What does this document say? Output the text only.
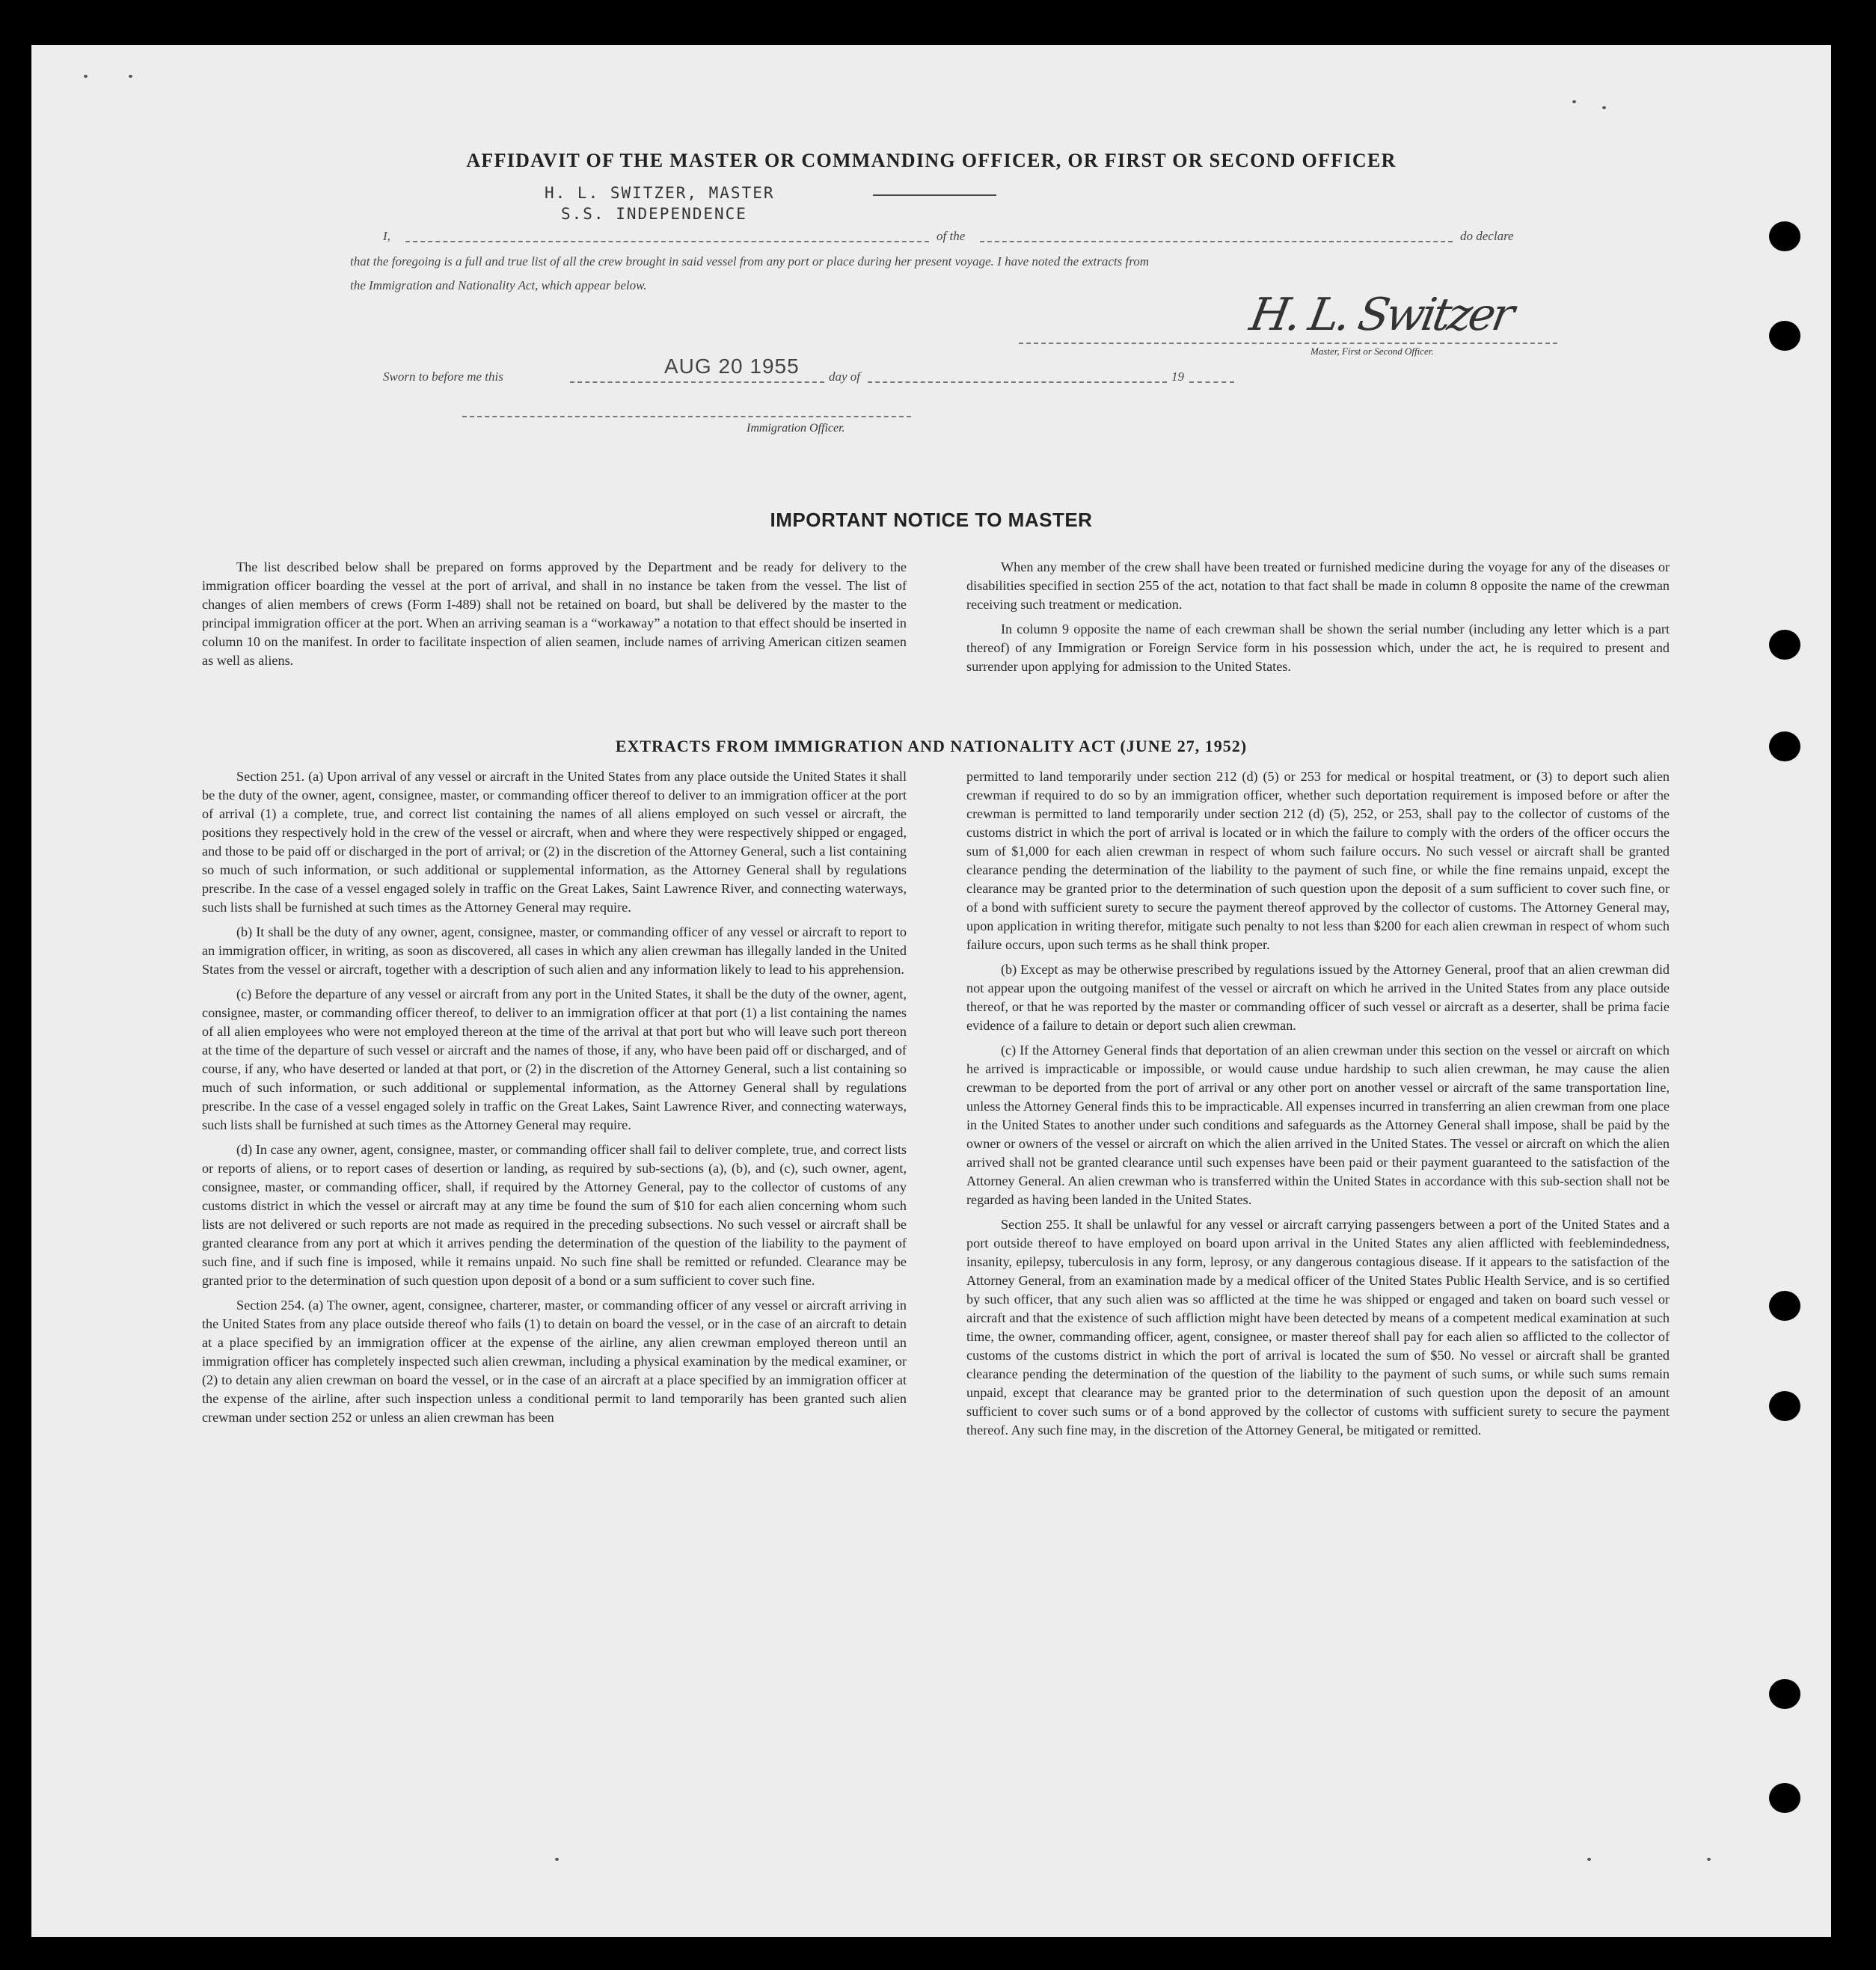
AFFIDAVIT OF THE MASTER OR COMMANDING OFFICER, OR FIRST OR SECOND OFFICER
H. L. SWITZER, MASTER
S.S. INDEPENDENCE
I,	of the	do declare
that the foregoing is a full and true list of all the crew brought in said vessel from any port or place during her present voyage. I have noted the extracts from
the Immigration and Nationality Act, which appear below.
H. L. Switzer
Master, First or Second Officer.
Sworn to before me this	AUG 20 1955 day of	19
Immigration Officer.
IMPORTANT NOTICE TO MASTER

The list described below shall be prepared on forms approved by the Department and be ready for delivery to the immigration officer boarding the vessel at the port of arrival, and shall in no instance be taken from the vessel. The list of changes of alien members of crews (Form I-489) shall not be retained on board, but shall be delivered by the master to the principal immigration officer at the port. When an arriving seaman is a “workaway” a notation to that effect should be inserted in column 10 on the manifest. In order to facilitate inspection of alien seamen, include names of arriving American citizen seamen as well as aliens.

When any member of the crew shall have been treated or furnished medicine during the voyage for any of the diseases or disabilities specified in section 255 of the act, notation to that fact shall be made in column 8 opposite the name of the crewman receiving such treatment or medication.

In column 9 opposite the name of each crewman shall be shown the serial number (including any letter which is a part thereof) of any Immigration or Foreign Service form in his possession which, under the act, he is required to present and surrender upon applying for admission to the United States.

EXTRACTS FROM IMMIGRATION AND NATIONALITY ACT (JUNE 27, 1952)

Section 251. (a) Upon arrival of any vessel or aircraft in the United States from any place outside the United States it shall be the duty of the owner, agent, consignee, master, or commanding officer thereof to deliver to an immigration officer at the port of arrival (1) a complete, true, and correct list containing the names of all aliens employed on such vessel or aircraft, the positions they respectively hold in the crew of the vessel or aircraft, when and where they were respectively shipped or engaged, and those to be paid off or discharged in the port of arrival; or (2) in the discretion of the Attorney General, such a list containing so much of such information, or such additional or supplemental information, as the Attorney General shall by regulations prescribe. In the case of a vessel engaged solely in traffic on the Great Lakes, Saint Lawrence River, and connecting waterways, such lists shall be furnished at such times as the Attorney General may require.

(b) It shall be the duty of any owner, agent, consignee, master, or commanding officer of any vessel or aircraft to report to an immigration officer, in writing, as soon as discovered, all cases in which any alien crewman has illegally landed in the United States from the vessel or aircraft, together with a description of such alien and any information likely to lead to his apprehension.

(c) Before the departure of any vessel or aircraft from any port in the United States, it shall be the duty of the owner, agent, consignee, master, or commanding officer thereof, to deliver to an immigration officer at that port (1) a list containing the names of all alien employees who were not employed thereon at the time of the arrival at that port but who will leave such port thereon at the time of the departure of such vessel or aircraft and the names of those, if any, who have been paid off or discharged, and of course, if any, who have deserted or landed at that port, or (2) in the discretion of the Attorney General, such a list containing so much of such information, or such additional or supplemental information, as the Attorney General shall by regulations prescribe. In the case of a vessel engaged solely in traffic on the Great Lakes, Saint Lawrence River, and connecting waterways, such lists shall be furnished at such times as the Attorney General may require.

(d) In case any owner, agent, consignee, master, or commanding officer shall fail to deliver complete, true, and correct lists or reports of aliens, or to report cases of desertion or landing, as required by sub-sections (a), (b), and (c), such owner, agent, consignee, master, or commanding officer, shall, if required by the Attorney General, pay to the collector of customs of any customs district in which the vessel or aircraft may at any time be found the sum of $10 for each alien concerning whom such lists are not delivered or such reports are not made as required in the preceding subsections. No such vessel or aircraft shall be granted clearance from any port at which it arrives pending the determination of the question of the liability to the payment of such fine, and if such fine is imposed, while it remains unpaid. No such fine shall be remitted or refunded. Clearance may be granted prior to the determination of such question upon deposit of a bond or a sum sufficient to cover such fine.

Section 254. (a) The owner, agent, consignee, charterer, master, or commanding officer of any vessel or aircraft arriving in the United States from any place outside thereof who fails (1) to detain on board the vessel, or in the case of an aircraft to detain at a place specified by an immigration officer at the expense of the airline, any alien crewman employed thereon until an immigration officer has completely inspected such alien crewman, including a physical examination by the medical examiner, or (2) to detain any alien crewman on board the vessel, or in the case of an aircraft at a place specified by an immigration officer at the expense of the airline, after such inspection unless a conditional permit to land temporarily has been granted such alien crewman under section 252 or unless an alien crewman has been

permitted to land temporarily under section 212 (d) (5) or 253 for medical or hospital treatment, or (3) to deport such alien crewman if required to do so by an immigration officer, whether such deportation requirement is imposed before or after the crewman is permitted to land temporarily under section 212 (d) (5), 252, or 253, shall pay to the collector of customs of the customs district in which the port of arrival is located or in which the failure to comply with the orders of the officer occurs the sum of $1,000 for each alien crewman in respect of whom such failure occurs. No such vessel or aircraft shall be granted clearance pending the determination of the liability to the payment of such fine, or while the fine remains unpaid, except the clearance may be granted prior to the determination of such question upon the deposit of a sum sufficient to cover such fine, or of a bond with sufficient surety to secure the payment thereof approved by the collector of customs. The Attorney General may, upon application in writing therefor, mitigate such penalty to not less than $200 for each alien crewman in respect of whom such failure occurs, upon such terms as he shall think proper.

(b) Except as may be otherwise prescribed by regulations issued by the Attorney General, proof that an alien crewman did not appear upon the outgoing manifest of the vessel or aircraft on which he arrived in the United States from any place outside thereof, or that he was reported by the master or commanding officer of such vessel or aircraft as a deserter, shall be prima facie evidence of a failure to detain or deport such alien crewman.

(c) If the Attorney General finds that deportation of an alien crewman under this section on the vessel or aircraft on which he arrived is impracticable or impossible, or would cause undue hardship to such alien crewman, he may cause the alien crewman to be deported from the port of arrival or any other port on another vessel or aircraft of the same transportation line, unless the Attorney General finds this to be impracticable. All expenses incurred in transferring an alien crewman from one place in the United States to another under such conditions and safeguards as the Attorney General shall impose, shall be paid by the owner or owners of the vessel or aircraft on which the alien arrived in the United States. The vessel or aircraft on which the alien arrived shall not be granted clearance until such expenses have been paid or their payment guaranteed to the satisfaction of the Attorney General. An alien crewman who is transferred within the United States in accordance with this sub-section shall not be regarded as having been landed in the United States.

Section 255. It shall be unlawful for any vessel or aircraft carrying passengers between a port of the United States and a port outside thereof to have employed on board upon arrival in the United States any alien afflicted with feeblemindedness, insanity, epilepsy, tuberculosis in any form, leprosy, or any dangerous contagious disease. If it appears to the satisfaction of the Attorney General, from an examination made by a medical officer of the United States Public Health Service, and is so certified by such officer, that any such alien was so afflicted at the time he was shipped or engaged and taken on board such vessel or aircraft and that the existence of such affliction might have been detected by means of a competent medical examination at such time, the owner, commanding officer, agent, consignee, or master thereof shall pay for each alien so afflicted to the collector of customs of the customs district in which the port of arrival is located the sum of $50. No vessel or aircraft shall be granted clearance pending the determination of the question of the liability to the payment of such sums, or while such sums remain unpaid, except that clearance may be granted prior to the determination of such question upon the deposit of an amount sufficient to cover such sums or of a bond approved by the collector of customs with sufficient surety to secure the payment thereof. Any such fine may, in the discretion of the Attorney General, be mitigated or remitted.
